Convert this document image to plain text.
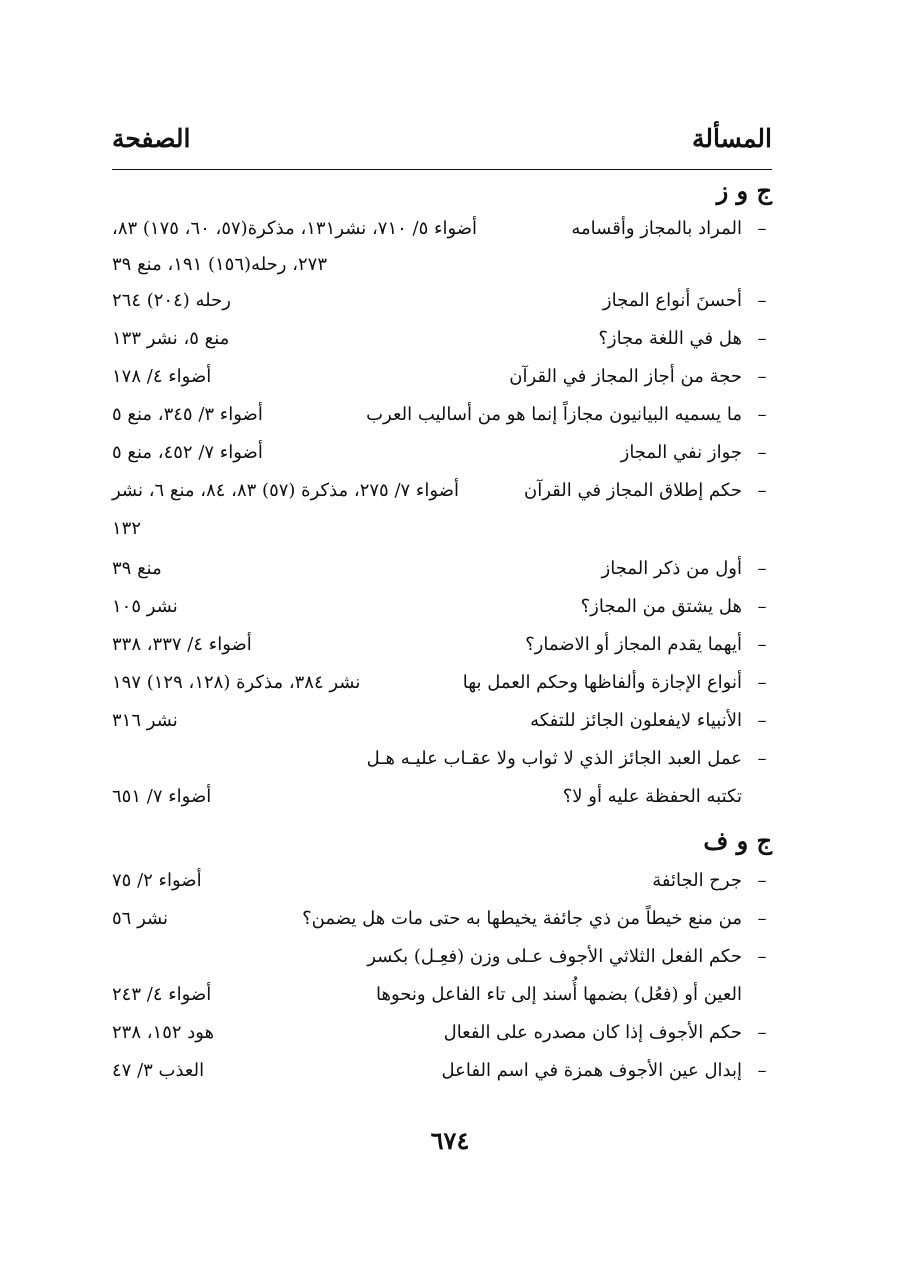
المسألة
الصفحة
ج و ز
–
المراد بالمجاز وأقسامه
أضواء ٥/ ٧١٠، نشر١٣١، مذكرة(٥٧، ٦٠، ١٧٥) ٨٣،
٢٧٣، رحله(١٥٦) ١٩١، منع ٣٩
–
أحسنَ أنواع المجاز
رحله (٢٠٤) ٢٦٤
–
هل في اللغة مجاز؟
منع ٥، نشر ١٣٣
–
حجة من أجاز المجاز في القرآن
أضواء ٤/ ١٧٨
–
ما يسميه البيانيون مجازاً إنما هو من أساليب العرب
أضواء ٣/ ٣٤٥، منع ٥
–
جواز نفي المجاز
أضواء ٧/ ٤٥٢، منع ٥
–
حكم إطلاق المجاز في القرآن
أضواء ٧/ ٢٧٥، مذكرة (٥٧) ٨٣، ٨٤، منع ٦، نشر
١٣٢
–
أول من ذكر المجاز
منع ٣٩
–
هل يشتق من المجاز؟
نشر ١٠٥
–
أيهما يقدم المجاز أو الاضمار؟
أضواء ٤/ ٣٣٧، ٣٣٨
–
أنواع الإجازة وألفاظها وحكم العمل بها
نشر ٣٨٤، مذكرة (١٢٨، ١٢٩) ١٩٧
–
الأنبياء لايفعلون الجائز للتفكه
نشر ٣١٦
–
عمل العبد الجائز الذي لا ثواب ولا عقـاب عليـه هـل
تكتبه الحفظة عليه أو لا؟
أضواء ٧/ ٦٥١
ج و ف
–
جرح الجائفة
أضواء ٢/ ٧٥
–
من منع خيطاً من ذي جائفة يخيطها به حتى مات هل يضمن؟
نشر ٥٦
–
حكم الفعل الثلاثي الأجوف عـلى وزن (فعِـل) بكسر
العين أو (فعُل) بضمها أُسند إلى تاء الفاعل ونحوها
أضواء ٤/ ٢٤٣
–
حكم الأجوف إذا كان مصدره على الفعال
هود ١٥٢، ٢٣٨
–
إبدال عين الأجوف همزة في اسم الفاعل
العذب ٣/ ٤٧
٦٧٤
